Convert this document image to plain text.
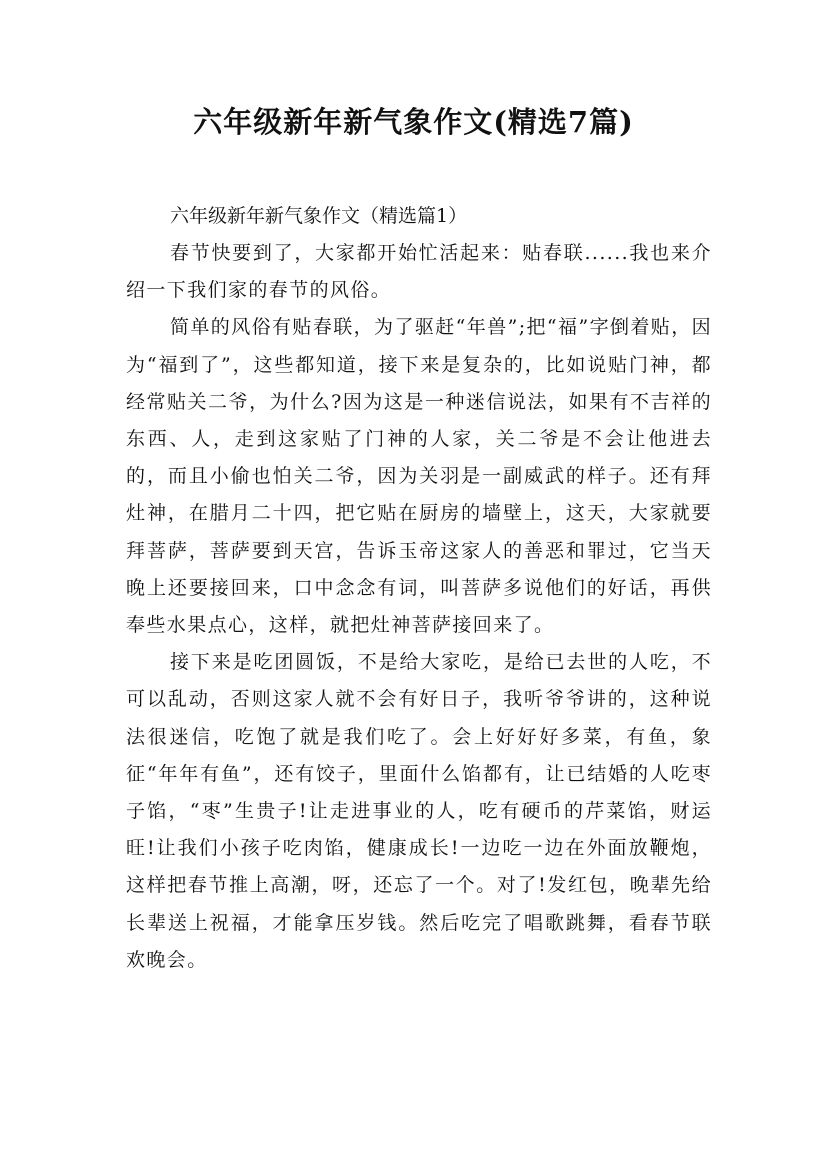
六年级新年新气象作文(精选7篇)

六年级新年新气象作文（精选篇1）

春节快要到了，大家都开始忙活起来：贴春联......我也来介绍一下我们家的春节的风俗。

简单的风俗有贴春联，为了驱赶“年兽”;把“福”字倒着贴，因为“福到了”，这些都知道，接下来是复杂的，比如说贴门神，都经常贴关二爷，为什么?因为这是一种迷信说法，如果有不吉祥的东西、人，走到这家贴了门神的人家，关二爷是不会让他进去的，而且小偷也怕关二爷，因为关羽是一副威武的样子。还有拜灶神，在腊月二十四，把它贴在厨房的墙壁上，这天，大家就要拜菩萨，菩萨要到天宫，告诉玉帝这家人的善恶和罪过，它当天晚上还要接回来，口中念念有词，叫菩萨多说他们的好话，再供奉些水果点心，这样，就把灶神菩萨接回来了。

接下来是吃团圆饭，不是给大家吃，是给已去世的人吃，不可以乱动，否则这家人就不会有好日子，我听爷爷讲的，这种说法很迷信，吃饱了就是我们吃了。会上好好好多菜，有鱼，象征“年年有鱼”，还有饺子，里面什么馅都有，让已结婚的人吃枣子馅，“枣”生贵子!让走进事业的人，吃有硬币的芹菜馅，财运旺!让我们小孩子吃肉馅，健康成长!一边吃一边在外面放鞭炮，这样把春节推上高潮，呀，还忘了一个。对了!发红包，晚辈先给长辈送上祝福，才能拿压岁钱。然后吃完了唱歌跳舞，看春节联欢晚会。
